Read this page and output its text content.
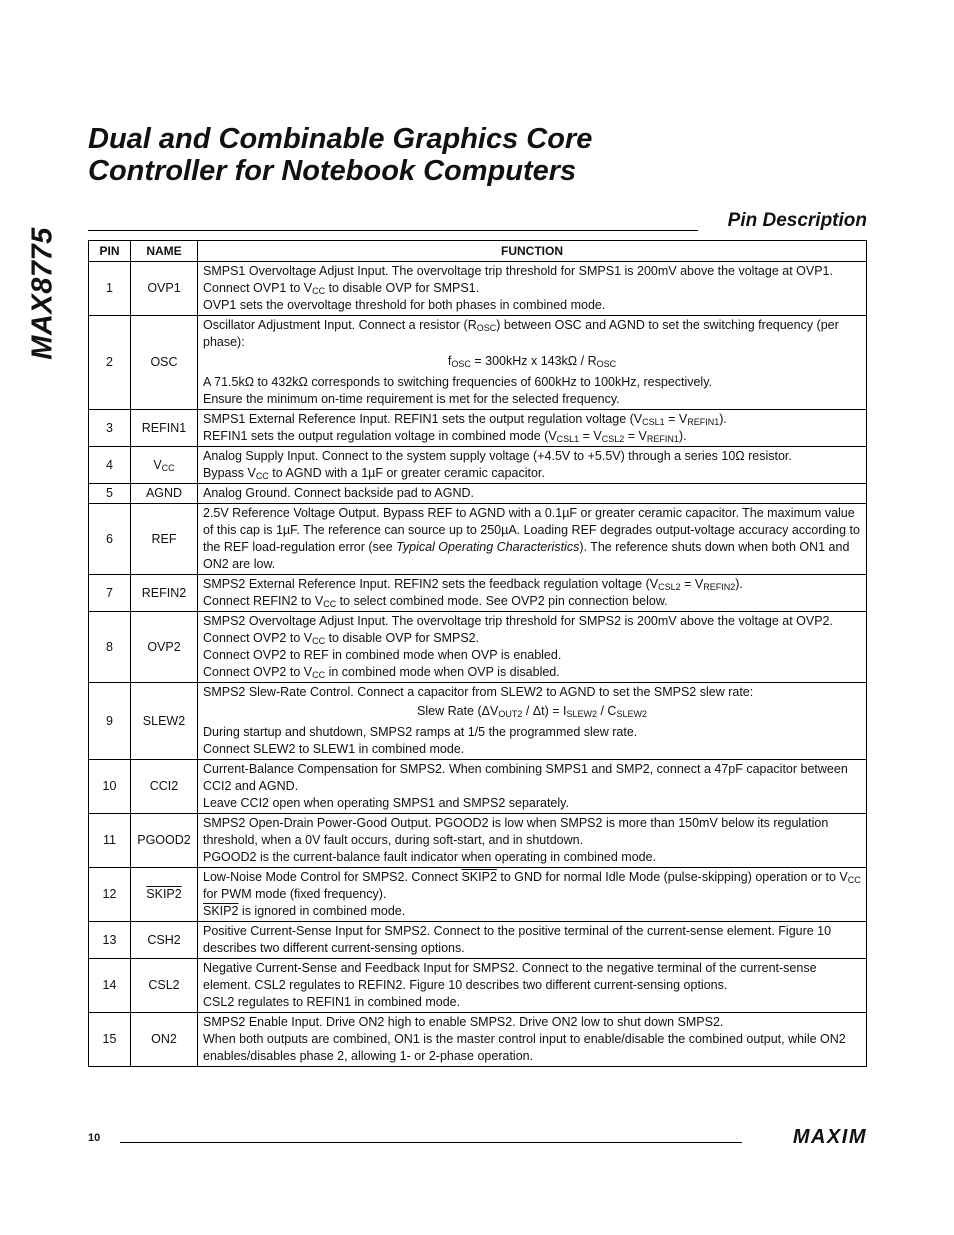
MAX8775
Dual and Combinable Graphics Core
Controller for Notebook Computers
Pin Description
PIN	NAME	FUNCTION
1	OVP1	SMPS1 Overvoltage Adjust Input. The overvoltage trip threshold for SMPS1 is 200mV above the voltage at OVP1. Connect OVP1 to $V_{CC}$ to disable OVP for SMPS1.
OVP1 sets the overvoltage threshold for both phases in combined mode.

2	OSC	Oscillator Adjustment Input. Connect a resistor $(R_{OSC})$ between OSC and AGND to set the switching frequency (per phase):
$f_{OSC} = 300kHz$ x $143k\Omega / R_{OSC}$
A 71.5kΩ to 432kΩ corresponds to switching frequencies of 600kHz to 100kHz, respectively.
Ensure the minimum on-time requirement is met for the selected frequency.

3	REFIN1	SMPS1 External Reference Input. REFIN1 sets the output regulation voltage $(V_{CSL1} = V_{REFIN1})$.
REFIN1 sets the output regulation voltage in combined mode $(V_{CSL1} = V_{CSL2} = V_{REFIN1})$.

4	$V_{CC}$	Analog Supply Input. Connect to the system supply voltage (+4.5V to +5.5V) through a series 10Ω resistor.
Bypass $V_{CC}$ to AGND with a 1µF or greater ceramic capacitor.

5	AGND	Analog Ground. Connect backside pad to AGND.

6	REF	2.5V Reference Voltage Output. Bypass REF to AGND with a 0.1µF or greater ceramic capacitor. The maximum value of this cap is 1µF. The reference can source up to 250µA. Loading REF degrades output-voltage accuracy according to the REF load-regulation error (see Typical Operating Characteristics). The reference shuts down when both ON1 and ON2 are low.

7	REFIN2	SMPS2 External Reference Input. REFIN2 sets the feedback regulation voltage $(V_{CSL2} = V_{REFIN2})$.
Connect REFIN2 to $V_{CC}$ to select combined mode. See OVP2 pin connection below.

8	OVP2	SMPS2 Overvoltage Adjust Input. The overvoltage trip threshold for SMPS2 is 200mV above the voltage at OVP2.
Connect OVP2 to $V_{CC}$ to disable OVP for SMPS2.
Connect OVP2 to REF in combined mode when OVP is enabled.
Connect OVP2 to $V_{CC}$ in combined mode when OVP is disabled.

9	SLEW2	SMPS2 Slew-Rate Control. Connect a capacitor from SLEW2 to AGND to set the SMPS2 slew rate:
Slew Rate $(\Delta V_{OUT2} / \Delta t) = I_{SLEW2} / C_{SLEW2}$
During startup and shutdown, SMPS2 ramps at 1/5 the programmed slew rate.
Connect SLEW2 to SLEW1 in combined mode.

10	CCI2	Current-Balance Compensation for SMPS2. When combining SMPS1 and SMP2, connect a 47pF capacitor between CCI2 and AGND.
Leave CCI2 open when operating SMPS1 and SMPS2 separately.

11	PGOOD2	SMPS2 Open-Drain Power-Good Output. PGOOD2 is low when SMPS2 is more than 150mV below its regulation threshold, when a 0V fault occurs, during soft-start, and in shutdown.
PGOOD2 is the current-balance fault indicator when operating in combined mode.

12	SKIP2	Low-Noise Mode Control for SMPS2. Connect SKIP2 to GND for normal Idle Mode (pulse-skipping) operation or to $V_{CC}$ for PWM mode (fixed frequency).
SKIP2 is ignored in combined mode.

13	CSH2	Positive Current-Sense Input for SMPS2. Connect to the positive terminal of the current-sense element. Figure 10 describes two different current-sensing options.

14	CSL2	Negative Current-Sense and Feedback Input for SMPS2. Connect to the negative terminal of the current-sense element. CSL2 regulates to REFIN2. Figure 10 describes two different current-sensing options.
CSL2 regulates to REFIN1 in combined mode.

15	ON2	SMPS2 Enable Input. Drive ON2 high to enable SMPS2. Drive ON2 low to shut down SMPS2.
When both outputs are combined, ON1 is the master control input to enable/disable the combined output, while ON2 enables/disables phase 2, allowing 1- or 2-phase operation.
10	MAXIM
